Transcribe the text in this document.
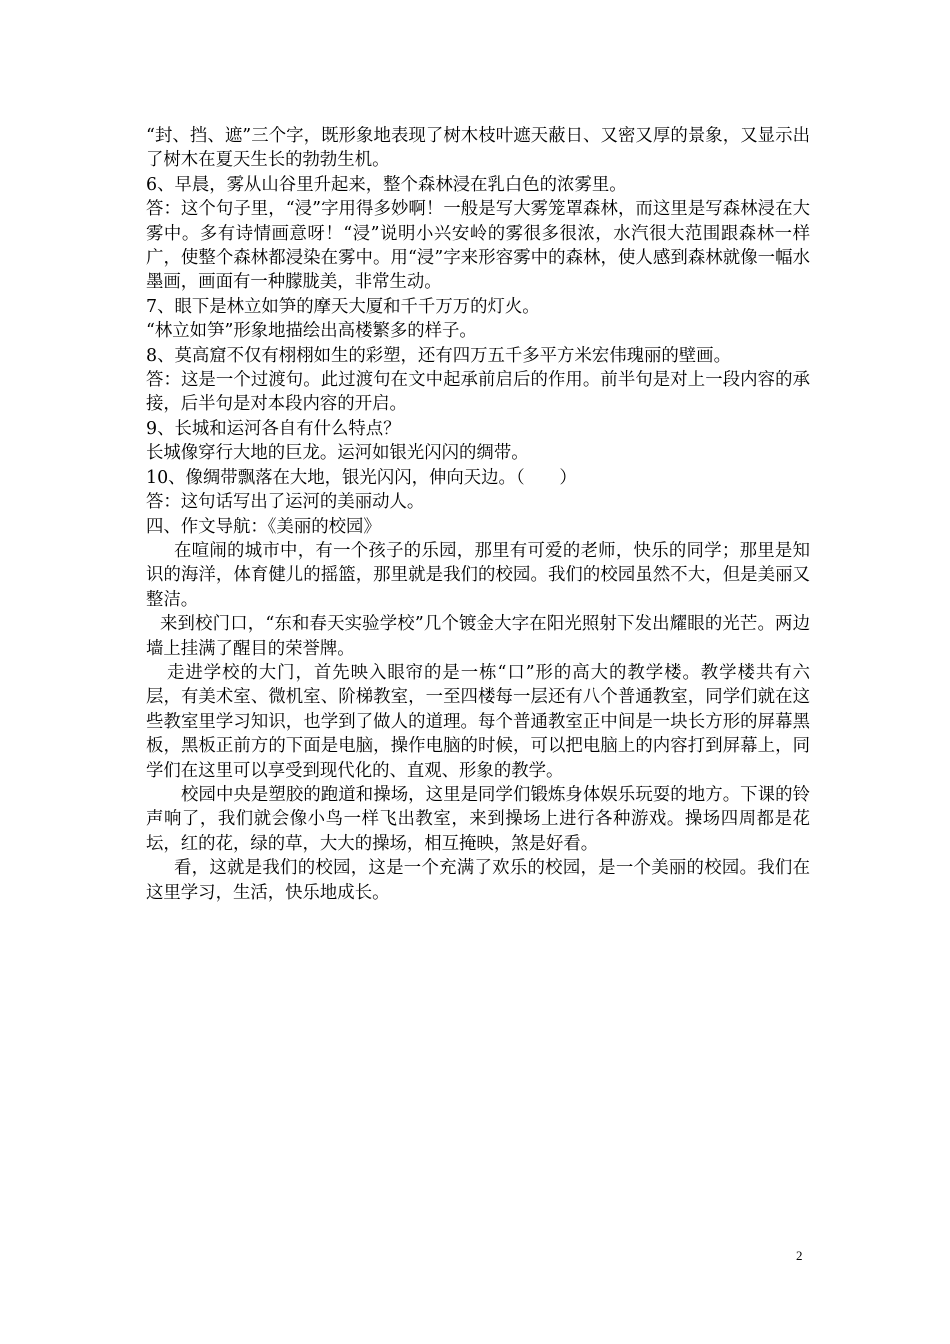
“封、挡、遮”三个字，既形象地表现了树木枝叶遮天蔽日、又密又厚的景象，又显示出了树木在夏天生长的勃勃生机。

6、早晨，雾从山谷里升起来，整个森林浸在乳白色的浓雾里。

答：这个句子里，“浸”字用得多妙啊！一般是写大雾笼罩森林，而这里是写森林浸在大雾中。多有诗情画意呀！“浸”说明小兴安岭的雾很多很浓，水汽很大范围跟森林一样广，使整个森林都浸染在雾中。用“浸”字来形容雾中的森林，使人感到森林就像一幅水墨画，画面有一种朦胧美，非常生动。

7、眼下是林立如笋的摩天大厦和千千万万的灯火。

“林立如笋”形象地描绘出高楼繁多的样子。

8、莫高窟不仅有栩栩如生的彩塑，还有四万五千多平方米宏伟瑰丽的壁画。

答：这是一个过渡句。此过渡句在文中起承前启后的作用。前半句是对上一段内容的承接，后半句是对本段内容的开启。

9、长城和运河各自有什么特点？

长城像穿行大地的巨龙。运河如银光闪闪的绸带。

10、像绸带飘落在大地，银光闪闪，伸向天边。（　　）

答：这句话写出了运河的美丽动人。

四、作文导航：《美丽的校园》

在喧闹的城市中，有一个孩子的乐园，那里有可爱的老师，快乐的同学；那里是知识的海洋，体育健儿的摇篮，那里就是我们的校园。我们的校园虽然不大，但是美丽又整洁。

来到校门口，“东和春天实验学校”几个镀金大字在阳光照射下发出耀眼的光芒。两边墙上挂满了醒目的荣誉牌。

走进学校的大门，首先映入眼帘的是一栋“口”形的高大的教学楼。教学楼共有六层，有美术室、微机室、阶梯教室，一至四楼每一层还有八个普通教室，同学们就在这些教室里学习知识，也学到了做人的道理。每个普通教室正中间是一块长方形的屏幕黑板，黑板正前方的下面是电脑，操作电脑的时候，可以把电脑上的内容打到屏幕上，同学们在这里可以享受到现代化的、直观、形象的教学。

校园中央是塑胶的跑道和操场，这里是同学们锻炼身体娱乐玩耍的地方。下课的铃声响了，我们就会像小鸟一样飞出教室，来到操场上进行各种游戏。操场四周都是花坛，红的花，绿的草，大大的操场，相互掩映，煞是好看。

看，这就是我们的校园，这是一个充满了欢乐的校园，是一个美丽的校园。我们在这里学习，生活，快乐地成长。

2
